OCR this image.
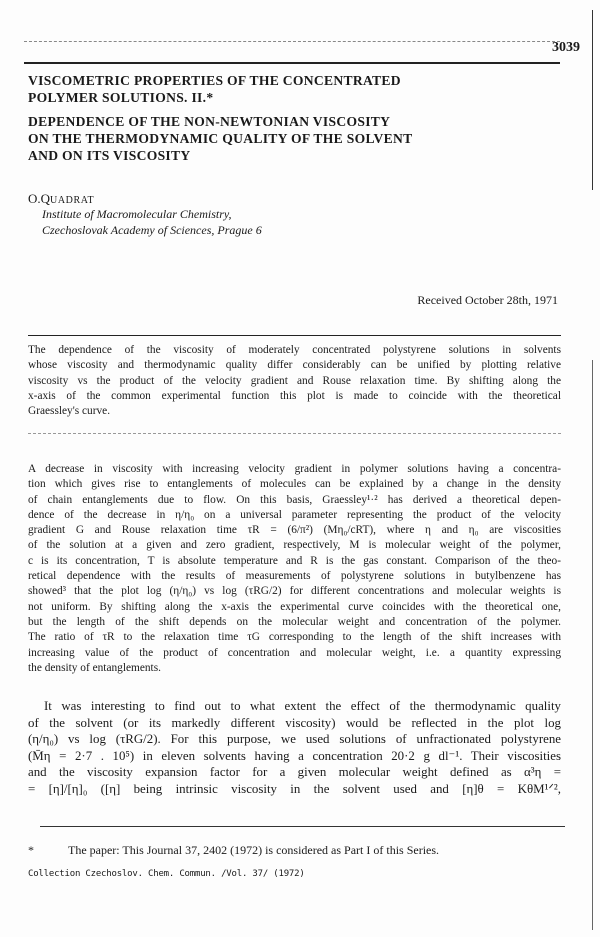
3039
VISCOMETRIC PROPERTIES OF THE CONCENTRATED
POLYMER SOLUTIONS. II.*
DEPENDENCE OF THE NON-NEWTONIAN VISCOSITY
ON THE THERMODYNAMIC QUALITY OF THE SOLVENT
AND ON ITS VISCOSITY
O.QUADRAT
Institute of Macromolecular Chemistry,
Czechoslovak Academy of Sciences, Prague 6
Received October 28th, 1971
The dependence of the viscosity of moderately concentrated polystyrene solutions in solvents
whose viscosity and thermodynamic quality differ considerably can be unified by plotting relative
viscosity vs the product of the velocity gradient and Rouse relaxation time. By shifting along the
x-axis of the common experimental function this plot is made to coincide with the theoretical
Graessley's curve.
A decrease in viscosity with increasing velocity gradient in polymer solutions having a concentra-
tion which gives rise to entanglements of molecules can be explained by a change in the density
of chain entanglements due to flow. On this basis, Graessley¹·² has derived a theoretical depen-
dence of the decrease in η/η₀ on a universal parameter representing the product of the velocity
gradient G and Rouse relaxation time τR = (6/π²) (Mη₀/cRT), where η and η₀ are viscosities
of the solution at a given and zero gradient, respectively, M is molecular weight of the polymer,
c is its concentration, T is absolute temperature and R is the gas constant. Comparison of the theo-
retical dependence with the results of measurements of polystyrene solutions in butylbenzene has
showed³ that the plot log (η/η₀) vs log (τRG/2) for different concentrations and molecular weights is
not uniform. By shifting along the x-axis the experimental curve coincides with the theoretical one,
but the length of the shift depends on the molecular weight and concentration of the polymer.
The ratio of τR to the relaxation time τG corresponding to the length of the shift increases with
increasing value of the product of concentration and molecular weight, i.e. a quantity expressing
the density of entanglements.
It was interesting to find out to what extent the effect of the thermodynamic quality
of the solvent (or its markedly different viscosity) would be reflected in the plot log
(η/η₀) vs log (τRG/2). For this purpose, we used solutions of unfractionated polystyrene
(M̄η = 2·7 . 10⁵) in eleven solvents having a concentration 20·2 g dl⁻¹. Their viscosities
and the viscosity expansion factor for a given molecular weight defined as α³η =
= [η]/[η]₀ ([η] being intrinsic viscosity in the solvent used and [η]θ = KθM¹ᐟ²,
*	The paper: This Journal 37, 2402 (1972) is considered as Part I of this Series.
Collection Czechoslov. Chem. Commun. /Vol. 37/ (1972)
